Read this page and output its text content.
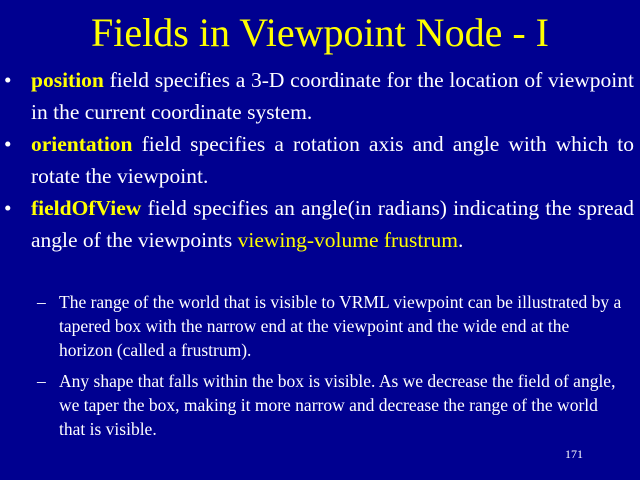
Fields in Viewpoint Node - I
• position field specifies a 3-D coordinate for the location of viewpoint in the current coordinate system.
• orientation field specifies a rotation axis and angle with which to rotate the viewpoint.
• fieldOfView field specifies an angle(in radians) indicating the spread angle of the viewpoints viewing-volume frustrum.
– The range of the world that is visible to VRML viewpoint can be illustrated by a tapered box with the narrow end at the viewpoint and the wide end at the horizon (called a frustrum).
– Any shape that falls within the box is visible. As we decrease the field of angle, we taper the box, making it more narrow and decrease the range of the world that is visible.
171
